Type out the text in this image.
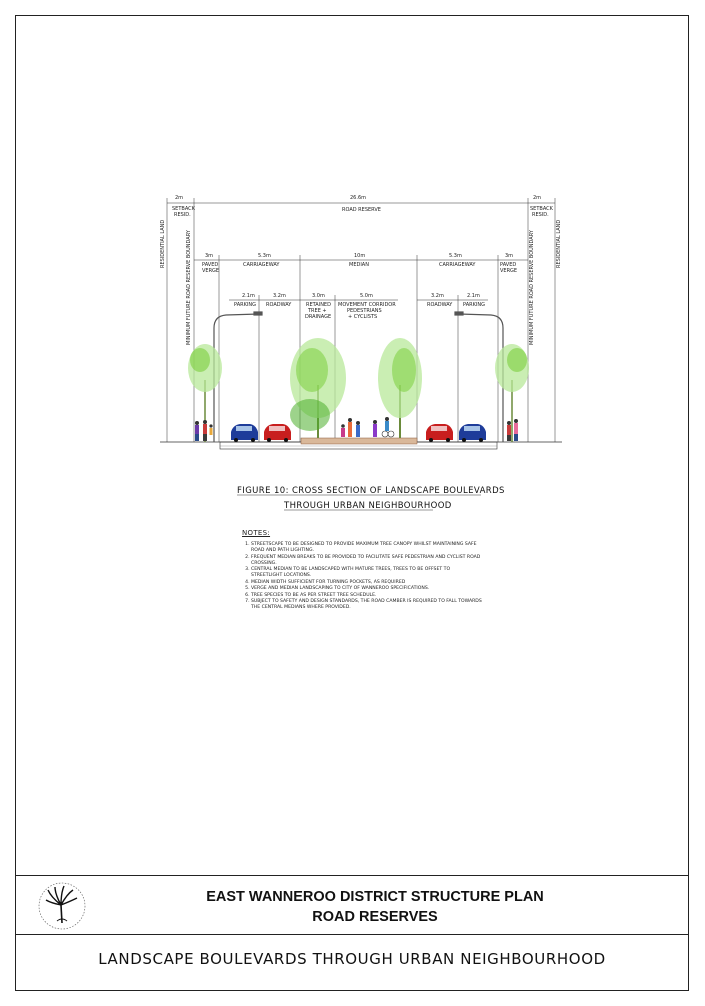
2m	26.6m	2m
SETBACK RESID.
SETBACK RESID.
ROAD RESERVE
3m	5.3m	10m	5.3m	3m
PAVED VERGE
CARRIAGEWAY	MEDIAN	CARRIAGEWAY	PAVED VERGE
2.1m	3.2m	3.0m	5.0m	3.2m	2.1m
PARKING ROADWAY	RETAINED TREE + DRAINAGE
MOVEMENT CORRIDOR PEDESTRIANS + CYCLISTS
ROADWAY PARKING
RESIDENTIAL LAND	MINIMUM FUTURE ROAD RESERVE BOUNDARY	MINIMUM FUTURE ROAD RESERVE BOUNDARY	RESIDENTIAL LAND
FIGURE 10: CROSS SECTION OF LANDSCAPE BOULEVARDS
THROUGH URBAN NEIGHBOURHOOD
NOTES:
1. STREETSCAPE TO BE DESIGNED TO PROVIDE MAXIMUM TREE CANOPY WHILST MAINTAINING SAFE ROAD AND PATH LIGHTING.
2. FREQUENT MEDIAN BREAKS TO BE PROVIDED TO FACILITATE SAFE PEDESTRIAN AND CYCLIST ROAD CROSSING.
3. CENTRAL MEDIAN TO BE LANDSCAPED WITH MATURE TREES, TREES TO BE OFFSET TO STREETLIGHT LOCATIONS.
4. MEDIAN WIDTH SUFFICIENT FOR TURNING POCKETS, AS REQUIRED
5. VERGE AND MEDIAN LANDSCAPING TO CITY OF WANNEROO SPECIFICATIONS.
6. TREE SPECIES TO BE AS PER STREET TREE SCHEDULE.
7. SUBJECT TO SAFETY AND DESIGN STANDARDS, THE ROAD CAMBER IS REQUIRED TO FALL TOWARDS THE CENTRAL MEDIANS WHERE PROVIDED.
EAST WANNEROO DISTRICT STRUCTURE PLAN
ROAD RESERVES
LANDSCAPE BOULEVARDS THROUGH URBAN NEIGHBOURHOOD
